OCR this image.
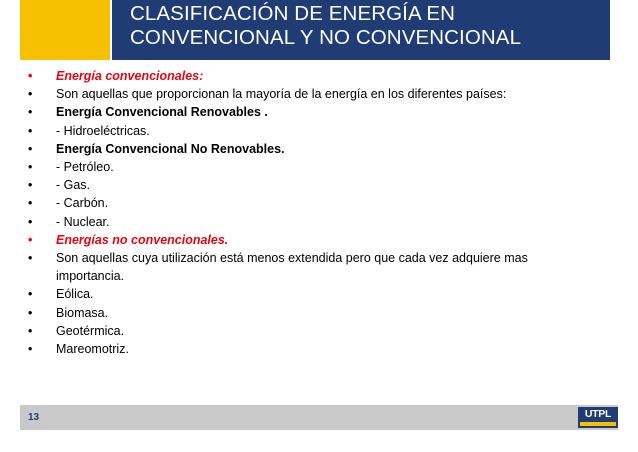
CLASIFICACIÓN DE ENERGÍA EN
CONVENCIONAL Y NO CONVENCIONAL
•	Energía convencionales:
•	Son aquellas que proporcionan la mayoría de la energía en los diferentes países:
•	Energía Convencional Renovables .
•	- Hidroeléctricas.
•	Energía Convencional No Renovables.
•	- Petróleo.
•	- Gas.
•	- Carbón.
•	- Nuclear.
•	Energías no convencionales.
•	Son aquellas cuya utilización está menos extendida pero que cada vez adquiere mas importancia.
•	Eólica.
•	Biomasa.
•	Geotérmica.
•	Mareomotriz.
13	UTPL
